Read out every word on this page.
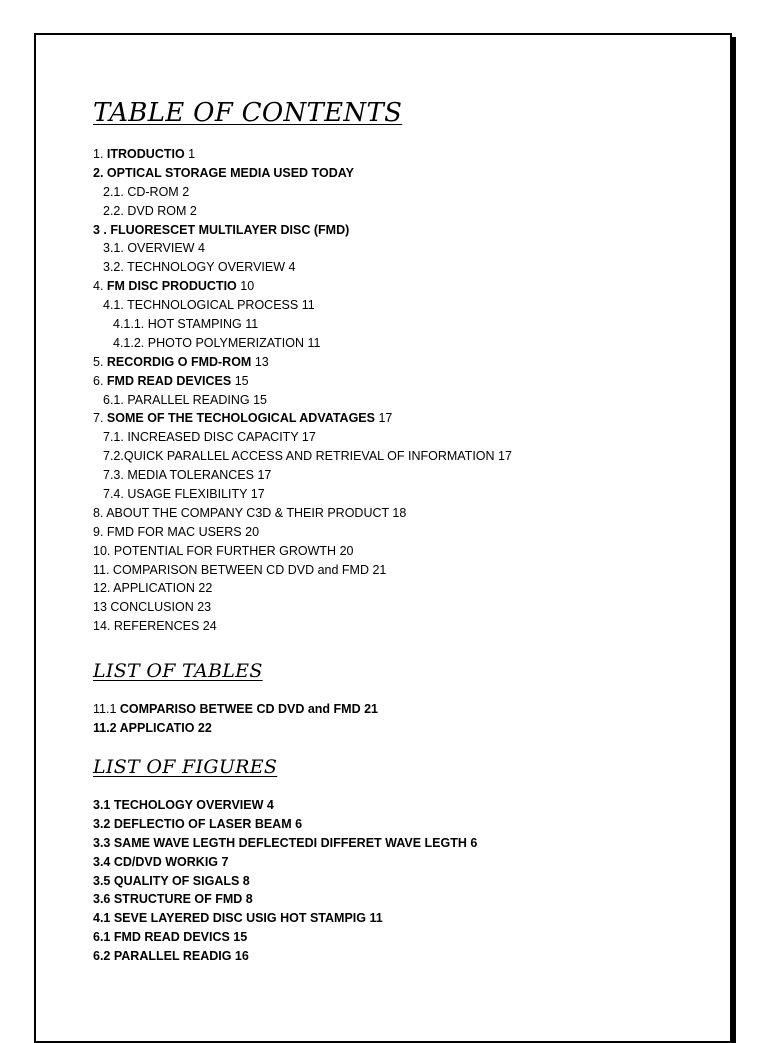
TABLE OF CONTENTS
1. ITRODUCTIO 1
2. OPTICAL STORAGE MEDIA USED TODAY
2.1. CD-ROM 2
2.2. DVD ROM 2
3 . FLUORESCET MULTILAYER DISC (FMD)
3.1. OVERVIEW 4
3.2. TECHNOLOGY OVERVIEW 4
4. FM DISC PRODUCTIO 10
4.1. TECHNOLOGICAL PROCESS 11
4.1.1. HOT STAMPING 11
4.1.2. PHOTO POLYMERIZATION 11
5. RECORDIG O FMD-ROM 13
6. FMD READ DEVICES 15
6.1. PARALLEL READING 15
7. SOME OF THE TECHOLOGICAL ADVATAGES 17
7.1. INCREASED DISC CAPACITY 17
7.2.QUICK PARALLEL ACCESS AND RETRIEVAL OF INFORMATION 17
7.3. MEDIA TOLERANCES 17
7.4. USAGE FLEXIBILITY 17
8. ABOUT THE COMPANY C3D & THEIR PRODUCT 18
9. FMD FOR MAC USERS 20
10. POTENTIAL FOR FURTHER GROWTH 20
11. COMPARISON BETWEEN CD DVD and FMD 21
12. APPLICATION 22
13 CONCLUSION 23
14. REFERENCES 24
LIST OF TABLES
11.1 COMPARISO BETWEE CD DVD and FMD 21
11.2 APPLICATIO 22
LIST OF FIGURES
3.1 TECHOLOGY OVERVIEW 4
3.2 DEFLECTIO OF LASER BEAM 6
3.3 SAME WAVE LEGTH DEFLECTEDI DIFFERET WAVE LEGTH 6
3.4 CD/DVD WORKIG 7
3.5 QUALITY OF SIGALS 8
3.6 STRUCTURE OF FMD 8
4.1 SEVE LAYERED DISC USIG HOT STAMPIG 11
6.1 FMD READ DEVICS 15
6.2 PARALLEL READIG 16
